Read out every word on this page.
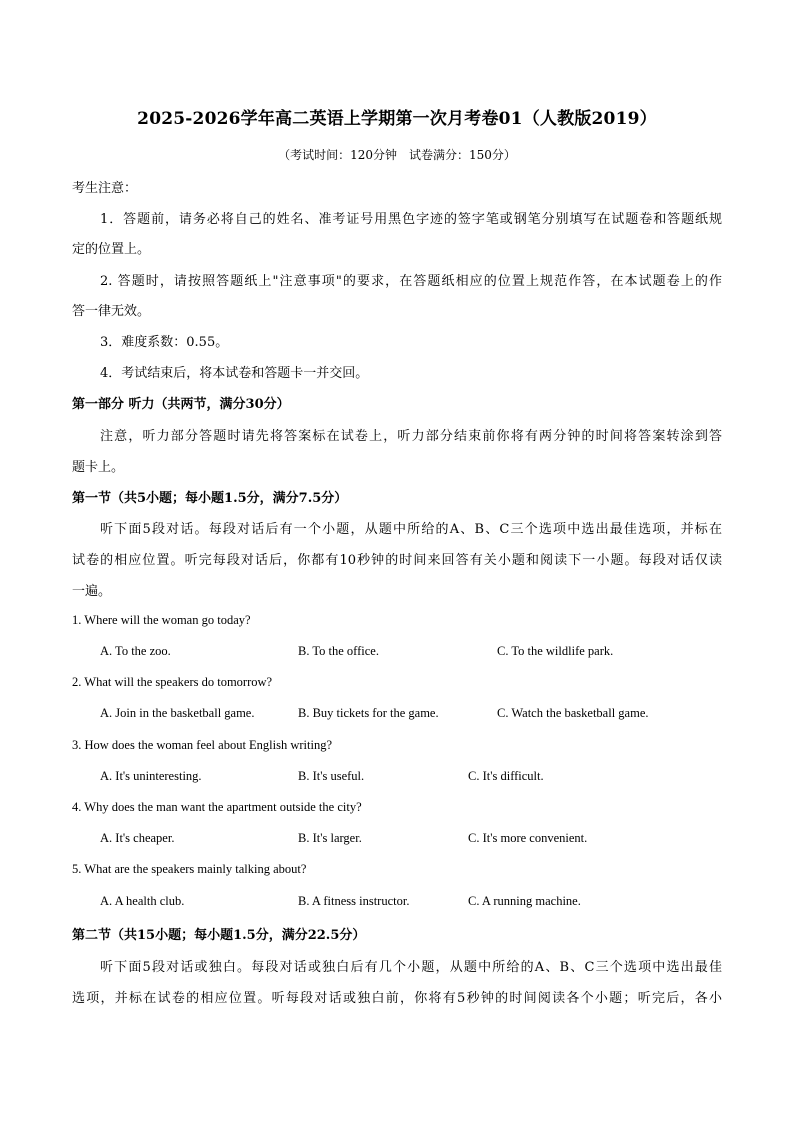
2025-2026学年高二英语上学期第一次月考卷01（人教版2019）
（考试时间：120分钟　试卷满分：150分）
考生注意：
1．答题前，请务必将自己的姓名、准考证号用黑色字迹的签字笔或钢笔分别填写在试题卷和答题纸规
定的位置上。
2. 答题时，请按照答题纸上"注意事项"的要求，在答题纸相应的位置上规范作答，在本试题卷上的作
答一律无效。
3．难度系数：0.55。
4．考试结束后，将本试卷和答题卡一并交回。
第一部分 听力（共两节，满分30分）
注意，听力部分答题时请先将答案标在试卷上，听力部分结束前你将有两分钟的时间将答案转涂到答
题卡上。
第一节（共5小题；每小题1.5分，满分7.5分）
听下面5段对话。每段对话后有一个小题，从题中所给的A、B、C三个选项中选出最佳选项，并标在
试卷的相应位置。听完每段对话后，你都有10秒钟的时间来回答有关小题和阅读下一小题。每段对话仅读
一遍。
1. Where will the woman go today?
A. To the zoo.	B. To the office.	C. To the wildlife park.
2. What will the speakers do tomorrow?
A. Join in the basketball game.	B. Buy tickets for the game.	C. Watch the basketball game.
3. How does the woman feel about English writing?
A. It's uninteresting.	B. It's useful.	C. It's difficult.
4. Why does the man want the apartment outside the city?
A. It's cheaper.	B. It's larger.	C. It's more convenient.
5. What are the speakers mainly talking about?
A. A health club.	B. A fitness instructor.	C. A running machine.
第二节（共15小题；每小题1.5分，满分22.5分）
听下面5段对话或独白。每段对话或独白后有几个小题，从题中所给的A、B、C三个选项中选出最佳
选项，并标在试卷的相应位置。听每段对话或独白前，你将有5秒钟的时间阅读各个小题；听完后，各小
